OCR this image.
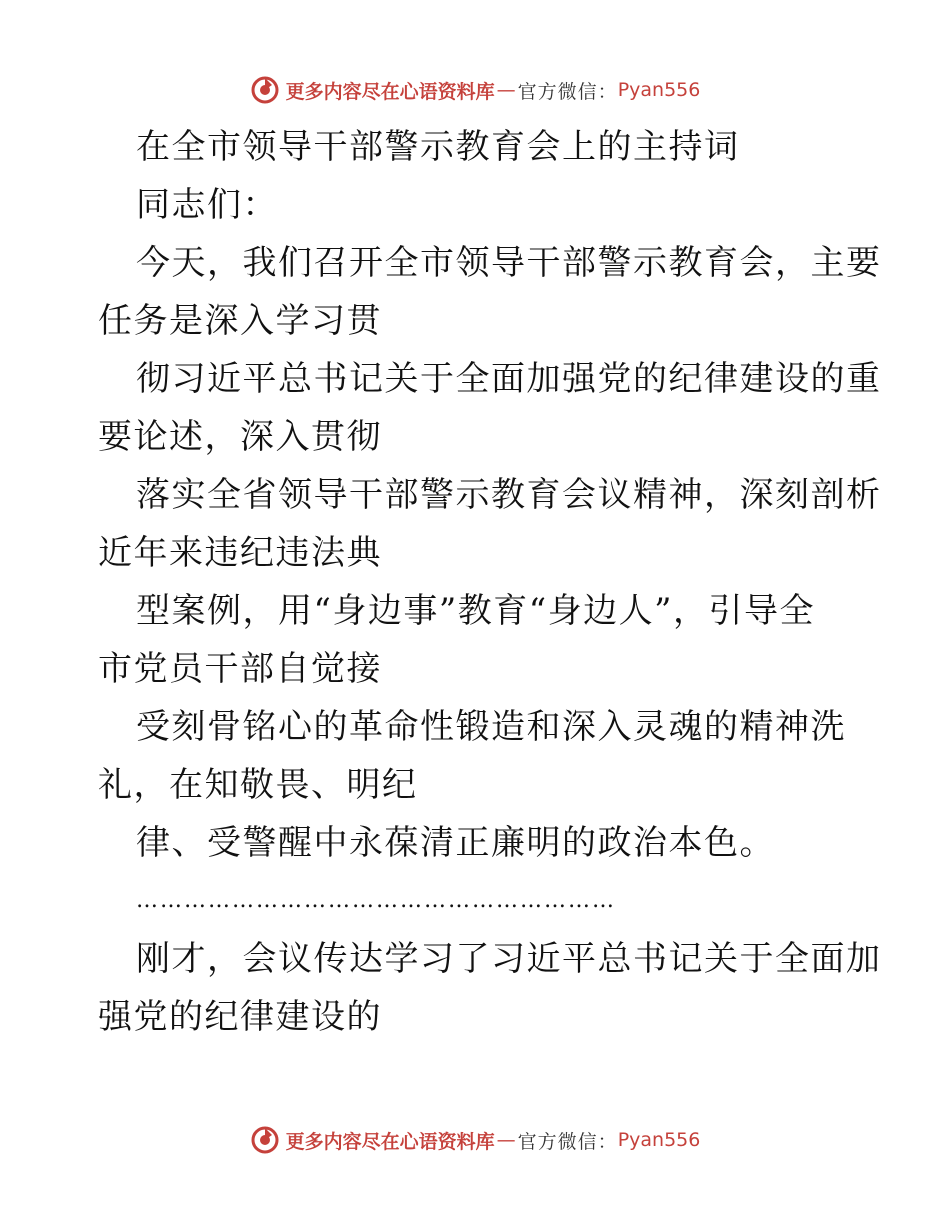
更多内容尽在心语资料库 — 官方微信： Pyan556
在全市领导干部警示教育会上的主持词
同志们：
今天，我们召开全市领导干部警示教育会，主要
任务是深入学习贯
彻习近平总书记关于全面加强党的纪律建设的重
要论述，深入贯彻
落实全省领导干部警示教育会议精神，深刻剖析
近年来违纪违法典
型案例，用“身边事”教育“身边人”，引导全
市党员干部自觉接
受刻骨铭心的革命性锻造和深入灵魂的精神洗
礼，在知敬畏、明纪
律、受警醒中永葆清正廉明的政治本色。
……………………………………………………
刚才，会议传达学习了习近平总书记关于全面加
强党的纪律建设的
更多内容尽在心语资料库 — 官方微信： Pyan556
